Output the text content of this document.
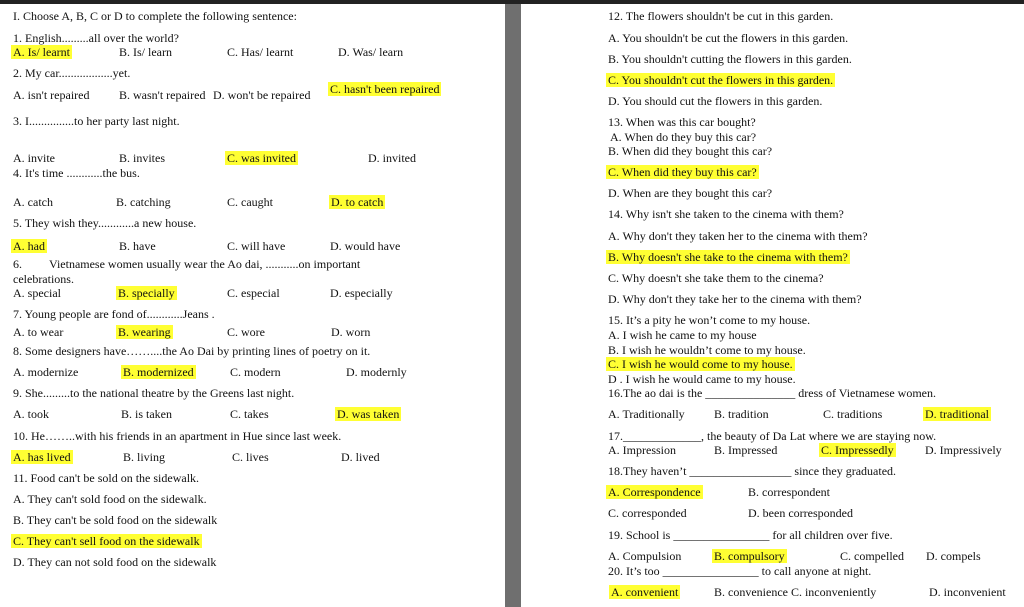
I. Choose A, B, C or D to complete the following sentence:
1. English.........all over the world?
A. Is/ learnt	B. Is/ learn	C. Has/ learnt	D. Was/ learn
2. My car..................yet.
A. isn't repaired B. wasn't repaired D. won't be repaired C. hasn't been repaired
3. I...............to her party last night.
A. invite	B. invites	C. was invited	D. invited
4. It's time ............the bus.
A. catch	B. catching	C. caught	D. to catch
5. They wish they............a new house.
A. had	B. have	C. will have	D. would have
6. Vietnamese women usually wear the Ao dai, ...........on important
celebrations.
A. special	B. specially	C. especial	D. especially
7. Young people are fond of............Jeans .
A. to wear	B. wearing	C. wore	D. worn
8. Some designers have……....the Ao Dai by printing lines of poetry on it.
A. modernize	B. modernized	C. modern	D. modernly
9. She.........to the national theatre by the Greens last night.
A. took	B. is taken	C. takes	D. was taken
10. He……..with his friends in an apartment in Hue since last week.
A. has lived	B. living	C. lives	D. lived
11. Food can't be sold on the sidewalk.
A. They can't sold food on the sidewalk.
B. They can't be sold food on the sidewalk
C. They can't sell food on the sidewalk
D. They can not sold food on the sidewalk
12. The flowers shouldn't be cut in this garden.
A. You shouldn't be cut the flowers in this garden.
B. You shouldn't cutting the flowers in this garden.
C. You shouldn't cut the flowers in this garden.
D. You should cut the flowers in this garden.
13. When was this car bought?
A. When do they buy this car?
B. When did they bought this car?
C. When did they buy this car?
D. When are they bought this car?
14. Why isn't she taken to the cinema with them?
A. Why don't they taken her to the cinema with them?
B. Why doesn't she take to the cinema with them?
C. Why doesn't she take them to the cinema?
D. Why don't they take her to the cinema with them?
15. It’s a pity he won’t come to my house.
A. I wish he came to my house
B. I wish he wouldn’t come to my house.
C. I wish he would come to my house.
D . I wish he would came to my house.
16.The ao dai is the _______________ dress of Vietnamese women.
A. Traditionally B. tradition	C. traditions	D. traditional
17._____________, the beauty of Da Lat where we are staying now.
A. Impression	B. Impressed	C. Impressedly	D. Impressively
18.They haven’t _________________ since they graduated.
A. Correspondence	B. correspondent
C. corresponded	D. been corresponded
19. School is ________________ for all children over five.
A. Compulsion	B. compulsory	C. compelled D. compels
20. It’s too ________________ to call anyone at night.
A. convenient	B. convenience C. inconveniently	D. inconvenient
